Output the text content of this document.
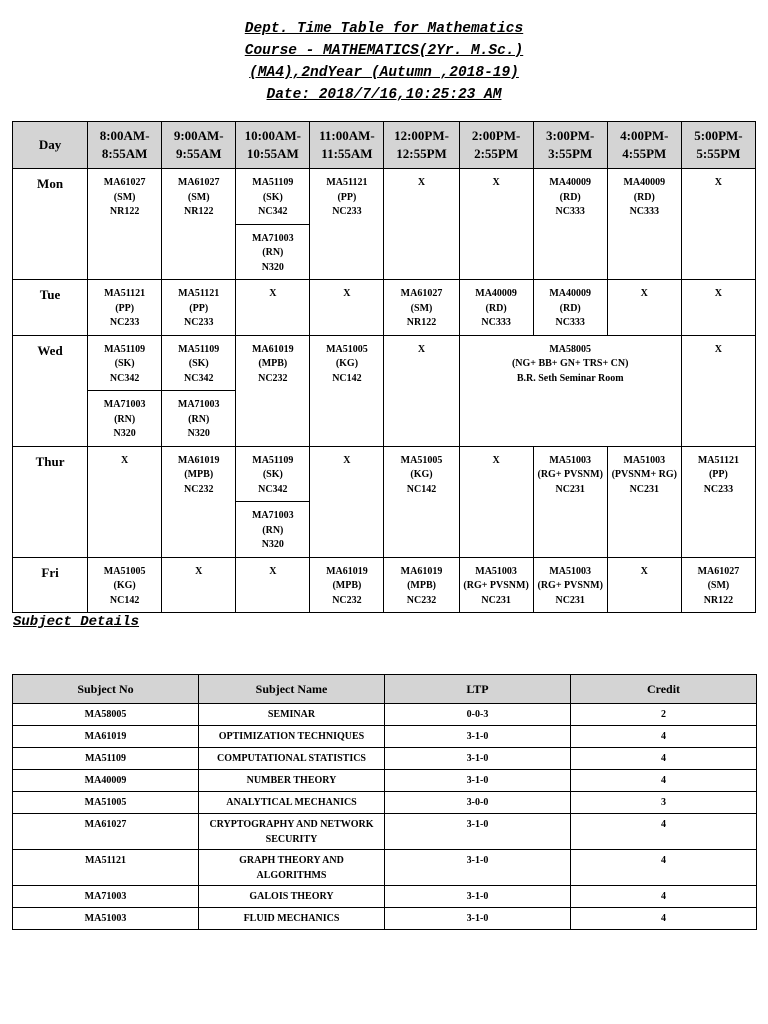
Dept. Time Table for Mathematics
Course - MATHEMATICS(2Yr. M.Sc.)
(MA4),2ndYear (Autumn ,2018-19)
Date: 2018/7/16,10:25:23 AM
Day	8:00AM-
8:55AM	9:00AM-
9:55AM	10:00AM-
10:55AM	11:00AM-
11:55AM	12:00PM-
12:55PM	2:00PM-
2:55PM	3:00PM-
3:55PM	4:00PM-
4:55PM	5:00PM-
5:55PM

Mon	MA61027
(SM)
NR122	MA61027
(SM)
NR122	MA51109
(SK)
NC342	MA51121
(PP)
NC233	X	X	MA40009
(RD)
NC333	MA40009
(RD)
NC333	X

			MA71003
(RN)
N320						

Tue	MA51121
(PP)
NC233	MA51121
(PP)
NC233	X	X	MA61027
(SM)
NR122	MA40009
(RD)
NC333	MA40009
(RD)
NC333	X	X
Wed	MA51109
(SK)
NC342	MA51109
(SK)
NC342	MA61019
(MPB)
NC232	MA51005
(KG)
NC142	X	MA58005
(NG+ BB+ GN+ TRS+ CN)
B.R. Seth Seminar Room			X

	MA71003
(RN)
N320	MA71003
(RN)
N320							

Thur	X	MA61019
(MPB)
NC232	MA51109
(SK)
NC342	X	MA51005
(KG)
NC142	X	MA51003
(RG+ PVSNM)
NC231	MA51003
(PVSNM+ RG)
NC231	MA51121
(PP)
NC233

			MA71003
(RN)
N320						

Fri	MA51005
(KG)
NC142	X	X	MA61019
(MPB)
NC232	MA61019
(MPB)
NC232	MA51003
(RG+ PVSNM)
NC231	MA51003
(RG+ PVSNM)
NC231	X	MA61027
(SM)
NR122
Subject Details
Subject No	Subject Name	LTP	Credit

MA58005	SEMINAR	0-0-3	2

MA61019	OPTIMIZATION TECHNIQUES	3-1-0	4

MA51109	COMPUTATIONAL STATISTICS	3-1-0	4

MA40009	NUMBER THEORY	3-1-0	4

MA51005	ANALYTICAL MECHANICS	3-0-0	3

MA61027	CRYPTOGRAPHY AND NETWORK
SECURITY	3-1-0	4

MA51121	GRAPH THEORY AND
ALGORITHMS	3-1-0	4

MA71003	GALOIS THEORY	3-1-0	4

MA51003	FLUID MECHANICS	3-1-0	4
